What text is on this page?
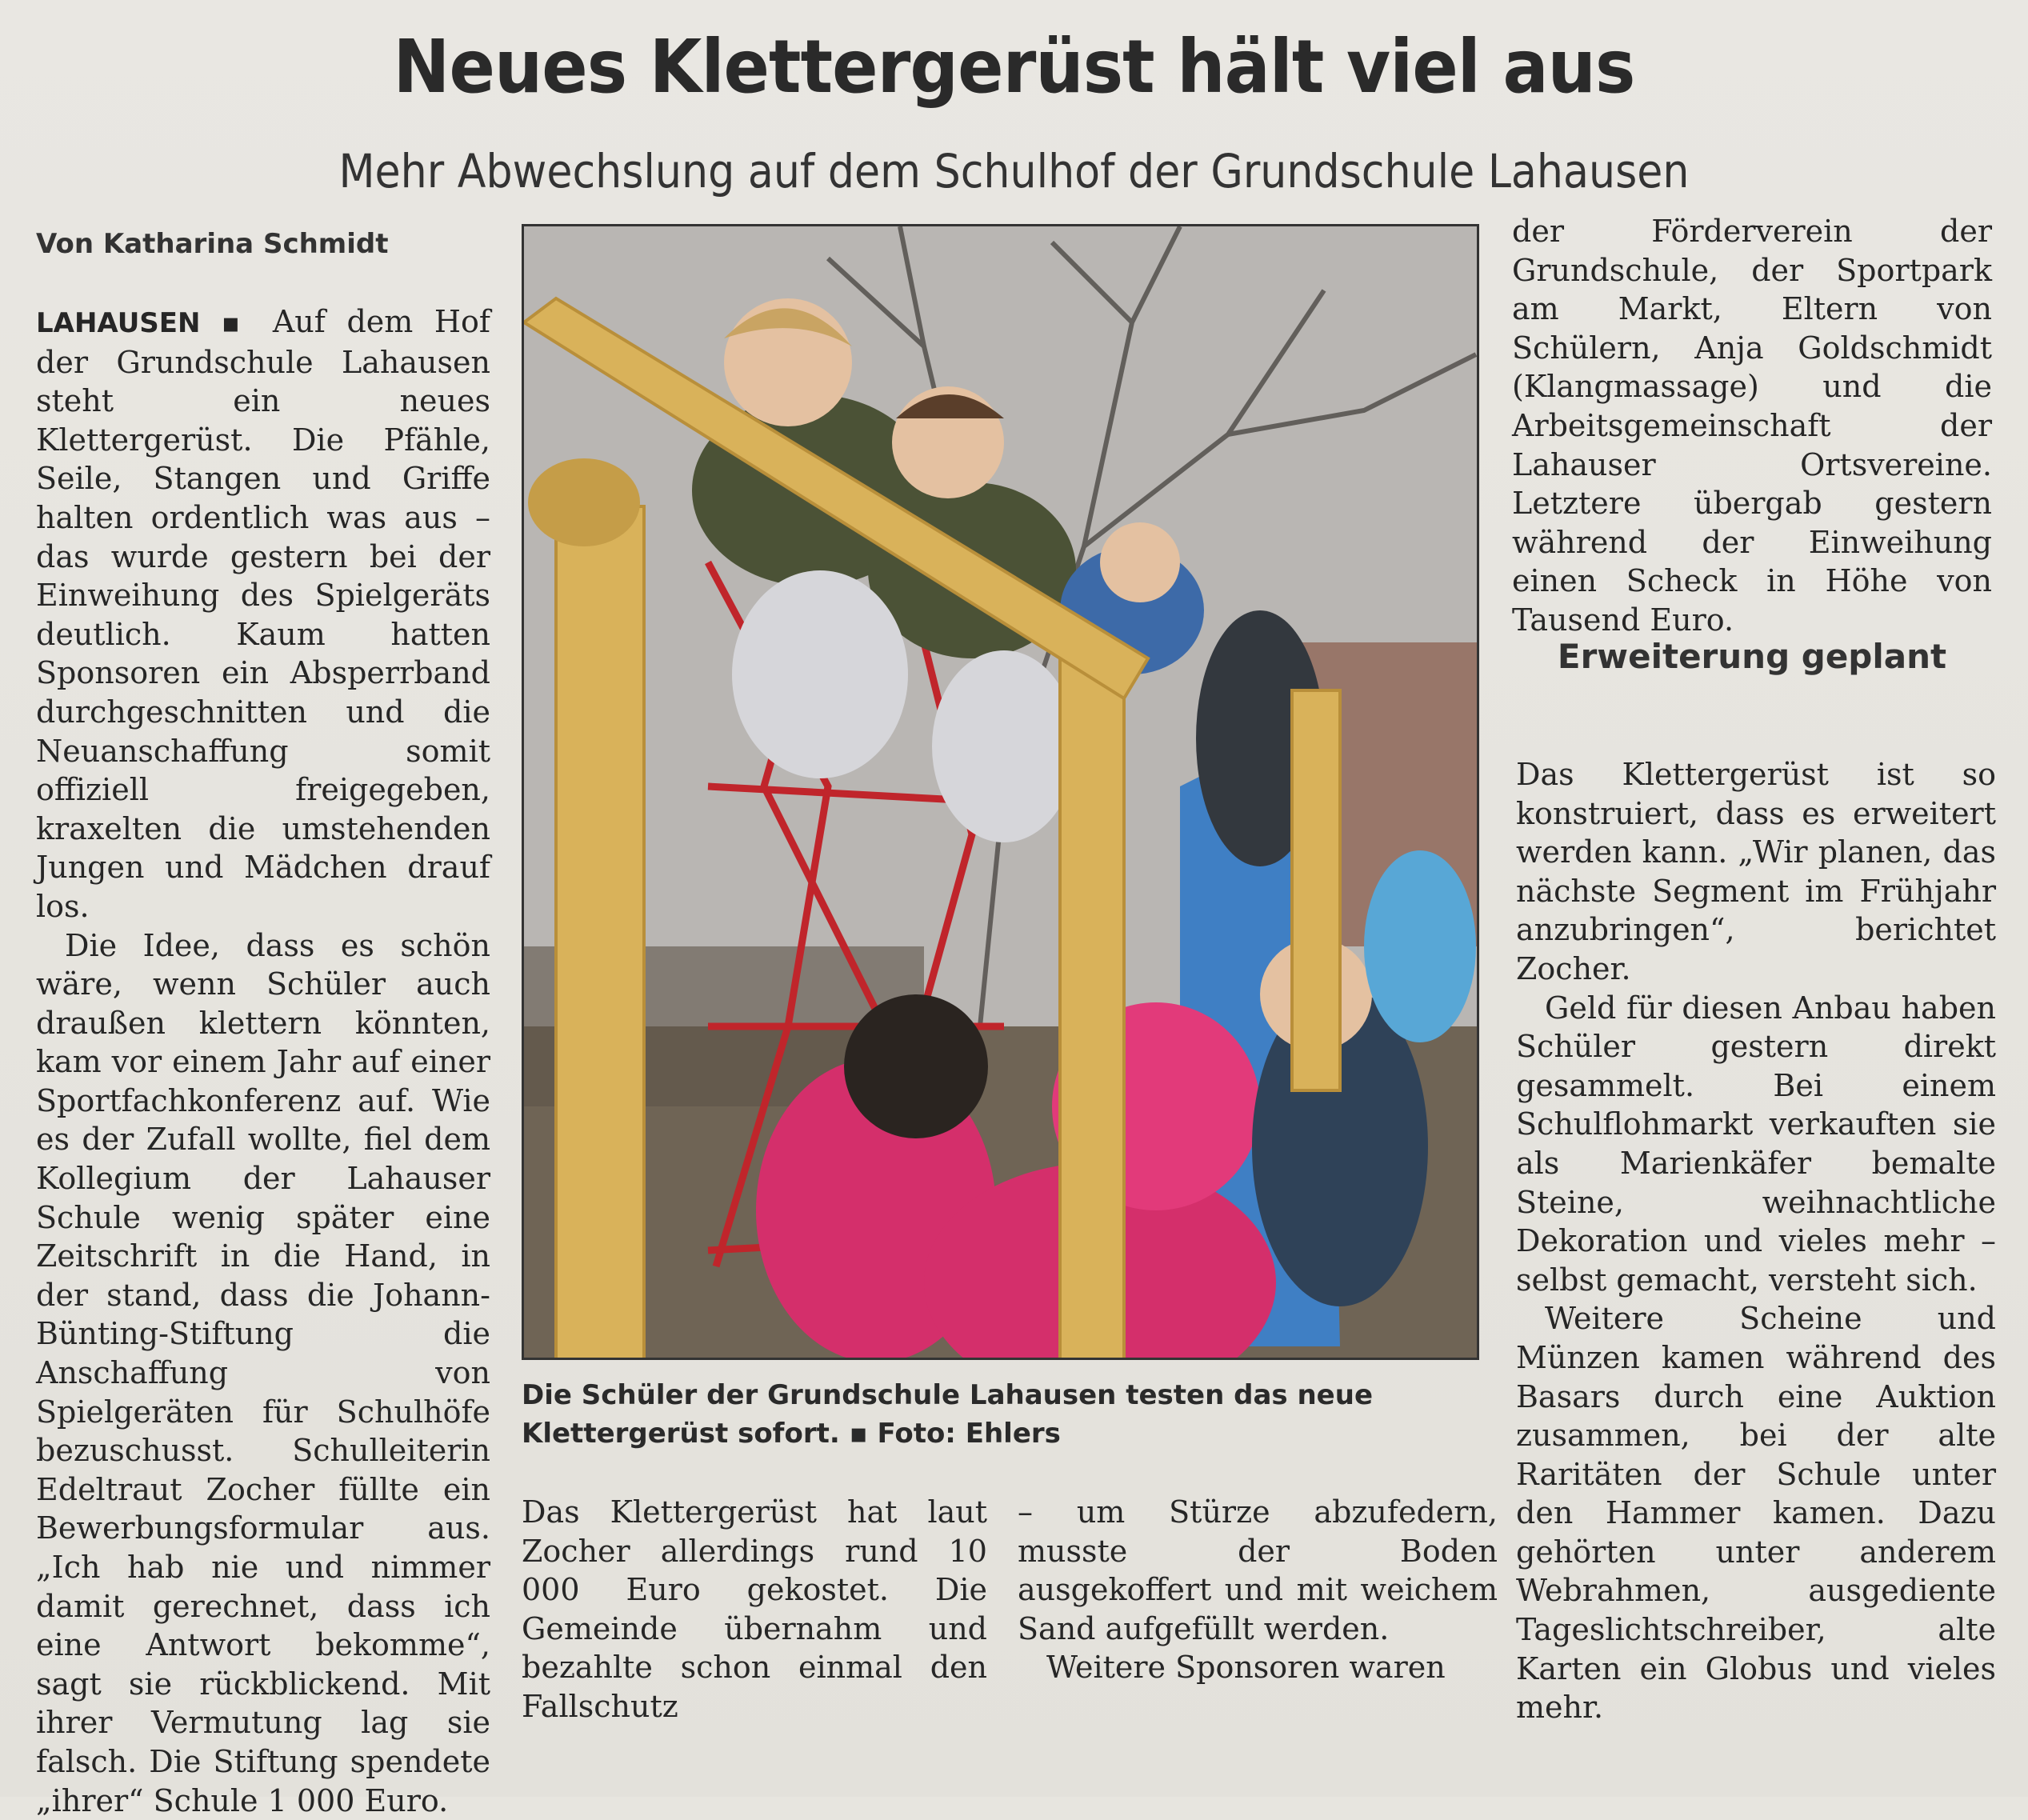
Neues Klettergerüst hält viel aus
Mehr Abwechslung auf dem Schulhof der Grundschule Lahausen
Von Katharina Schmidt

LAHAUSEN ▪ Auf dem Hof der Grundschule Lahausen steht ein neues Klettergerüst. Die Pfähle, Seile, Stangen und Griffe halten ordentlich was aus – das wurde gestern bei der Einweihung des Spielgeräts deutlich. Kaum hatten Sponsoren ein Absperrband durchgeschnitten und die Neuanschaffung somit offiziell freigegeben, kraxelten die umstehenden Jungen und Mädchen drauf los.

Die Idee, dass es schön wäre, wenn Schüler auch draußen klettern könnten, kam vor einem Jahr auf einer Sportfachkonferenz auf. Wie es der Zufall wollte, fiel dem Kollegium der Lahauser Schule wenig später eine Zeitschrift in die Hand, in der stand, dass die Johann-Bünting-Stiftung die Anschaffung von Spielgeräten für Schulhöfe bezuschusst. Schulleiterin Edeltraut Zocher füllte ein Bewerbungsformular aus. „Ich hab nie und nimmer damit gerechnet, dass ich eine Antwort bekomme“, sagt sie rückblickend. Mit ihrer Vermutung lag sie falsch. Die Stiftung spendete „ihrer“ Schule 1 000 Euro.

Die Schüler der Grundschule Lahausen testen das neue Klettergerüst sofort. ▪ Foto: Ehlers

Das Klettergerüst hat laut Zocher allerdings rund 10 000 Euro gekostet. Die Gemeinde übernahm und bezahlte schon einmal den Fallschutz

– um Stürze abzufedern, musste der Boden ausgekoffert und mit weichem Sand aufgefüllt werden.

Weitere Sponsoren waren

der Förderverein der Grundschule, der Sportpark am Markt, Eltern von Schülern, Anja Goldschmidt (Klangmassage) und die Arbeitsgemeinschaft der Lahauser Ortsvereine. Letztere übergab gestern während der Einweihung einen Scheck in Höhe von Tausend Euro.

Erweiterung geplant

Das Klettergerüst ist so konstruiert, dass es erweitert werden kann. „Wir planen, das nächste Segment im Frühjahr anzubringen“, berichtet Zocher.

Geld für diesen Anbau haben Schüler gestern direkt gesammelt. Bei einem Schulflohmarkt verkauften sie als Marienkäfer bemalte Steine, weihnachtliche Dekoration und vieles mehr – selbst gemacht, versteht sich.

Weitere Scheine und Münzen kamen während des Basars durch eine Auktion zusammen, bei der alte Raritäten der Schule unter den Hammer kamen. Dazu gehörten unter anderem Webrahmen, ausgediente Tageslichtschreiber, alte Karten ein Globus und vieles mehr.
